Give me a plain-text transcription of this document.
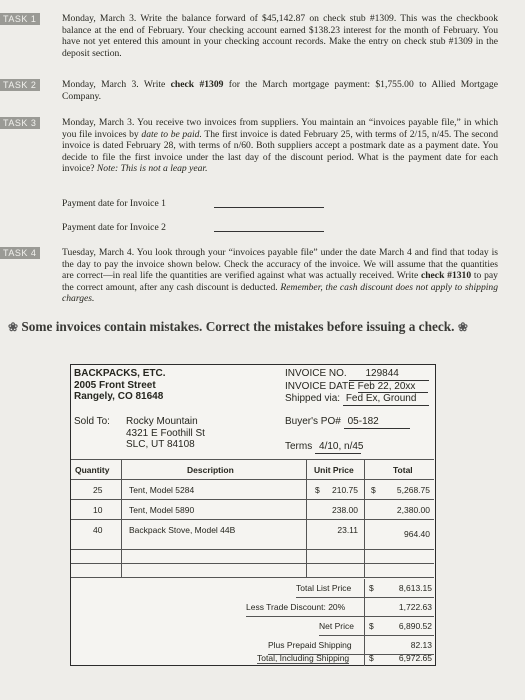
TASK 1	Monday, March 3. Write the balance forward of $45,142.87 on check stub #1309. This was the checkbook balance at the end of February. Your checking account earned $138.23 interest for the month of February. You have not yet entered this amount in your checking account records. Make the entry on check stub #1309 in the deposit section.

TASK 2	Monday, March 3. Write check #1309 for the March mortgage payment: $1,755.00 to Allied Mortgage Company.

TASK 3	Monday, March 3. You receive two invoices from suppliers. You maintain an “invoices payable file,” in which you file invoices by date to be paid. The first invoice is dated February 25, with terms of 2/15, n/45. The second invoice is dated February 28, with terms of n/60. Both suppliers accept a postmark date as a payment date. You decide to file the first invoice under the last day of the discount period. What is the payment date for each invoice? Note: This is not a leap year.

Payment date for Invoice 1
Payment date for Invoice 2
TASK 4	Tuesday, March 4. You look through your “invoices payable file” under the date March 4 and find that today is the day to pay the invoice shown below. Check the accuracy of the invoice. We will assume that the quantities are correct—in real life the quantities are verified against what was actually received. Write check #1310 to pay the correct amount, after any cash discount is deducted. Remember, the cash discount does not apply to shipping charges.

❀ Some invoices contain mistakes. Correct the mistakes before issuing a check. ❀
BACKPACKS, ETC.
2005 Front Street
Rangely, CO 81648
INVOICE NO. 129844
INVOICE DATE Feb 22, 20xx
Shipped via: Fed Ex, Ground
Sold To: Rocky Mountain
4321 E Foothill St
SLC, UT 84108
Buyer's PO# 05-182
Terms 4/10, n/45
Quantity	Description	Unit Price	Total
25	Tent, Model 5284	$ 210.75 $ 5,268.75
10	Tent, Model 5890	238.00	2,380.00
40	Backpack Stove, Model 44B	23.11	964.40
Total List Price	$	8,613.15
Less Trade Discount: 20%	1,722.63
Net Price	$	6,890.52
Plus Prepaid Shipping	82.13
Total, Including Shipping	$	6,972.65
